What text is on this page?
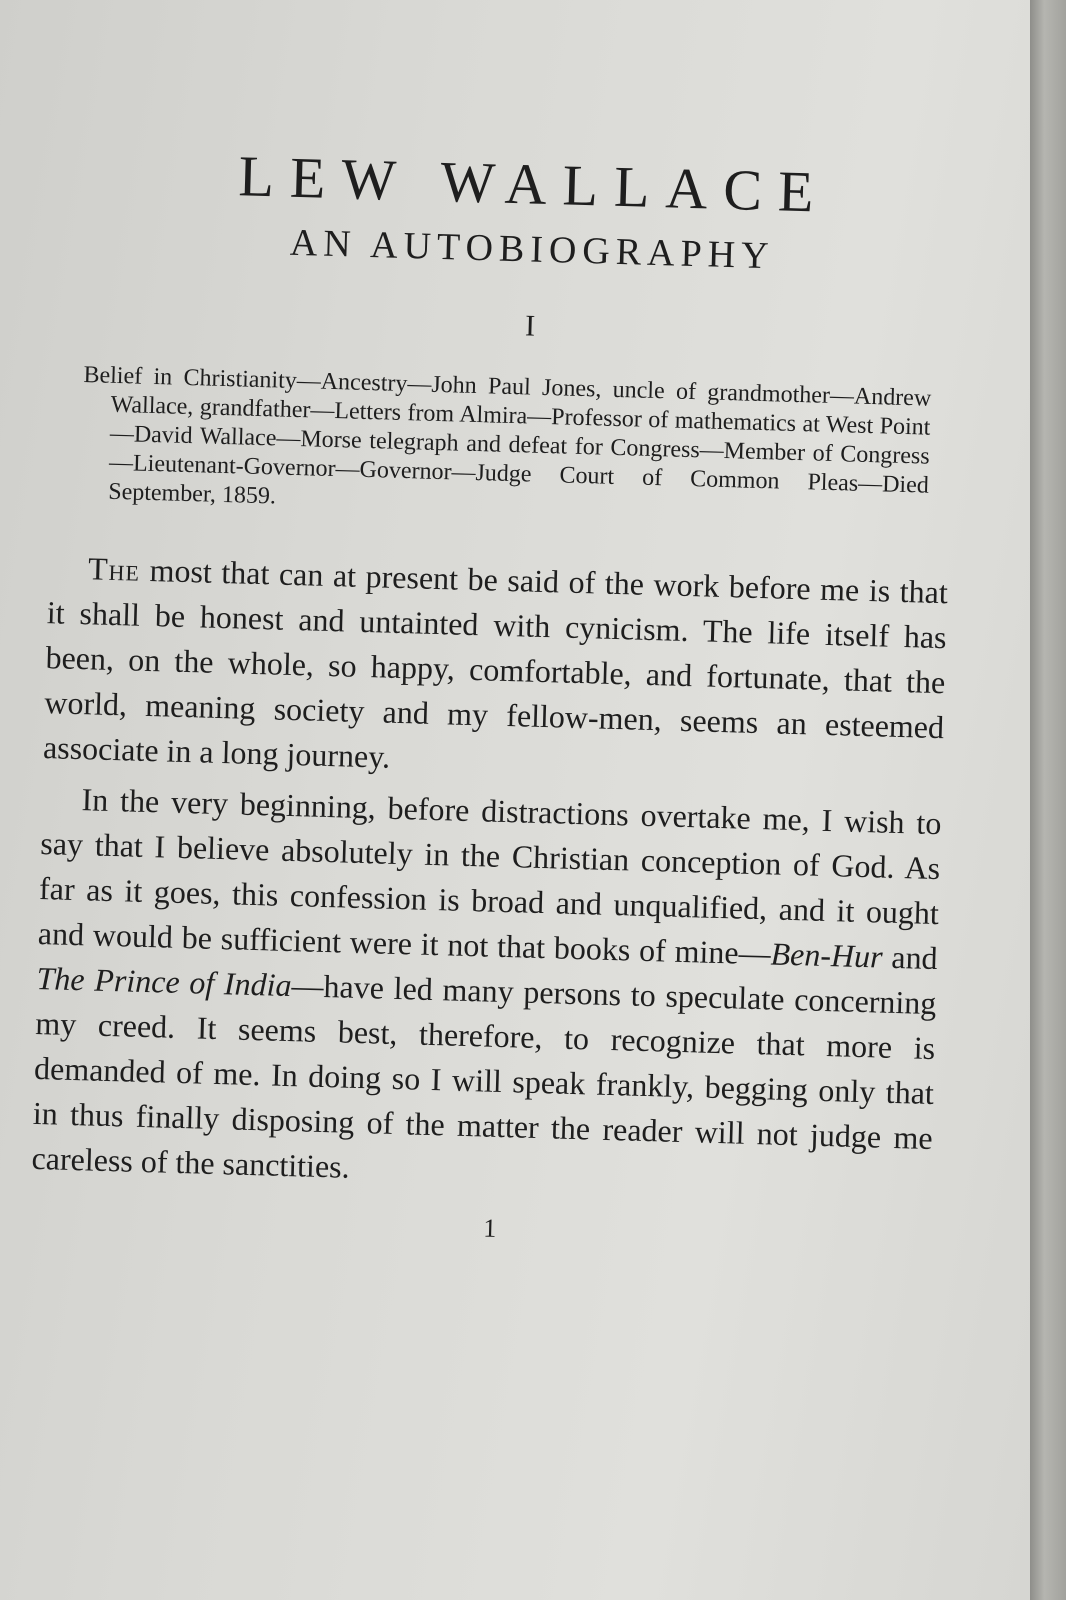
LEW WALLACE
AN AUTOBIOGRAPHY
I
Belief in Christianity—Ancestry—John Paul Jones, uncle of grandmother—Andrew Wallace, grandfather—Letters from Almira—Professor of mathematics at West Point—David Wallace—Morse telegraph and defeat for Congress—Member of Congress—Lieutenant-Governor—Governor—Judge Court of Common Pleas—Died September, 1859.

The most that can at present be said of the work before me is that it shall be honest and untainted with cynicism. The life itself has been, on the whole, so happy, comfortable, and fortunate, that the world, meaning society and my fellow-men, seems an esteemed associate in a long journey.

In the very beginning, before distractions overtake me, I wish to say that I believe absolutely in the Christian conception of God. As far as it goes, this confession is broad and unqualified, and it ought and would be sufficient were it not that books of mine—Ben-Hur and The Prince of India—have led many persons to speculate concerning my creed. It seems best, therefore, to recognize that more is demanded of me. In doing so I will speak frankly, begging only that in thus finally disposing of the matter the reader will not judge me careless of the sanctities.

1
